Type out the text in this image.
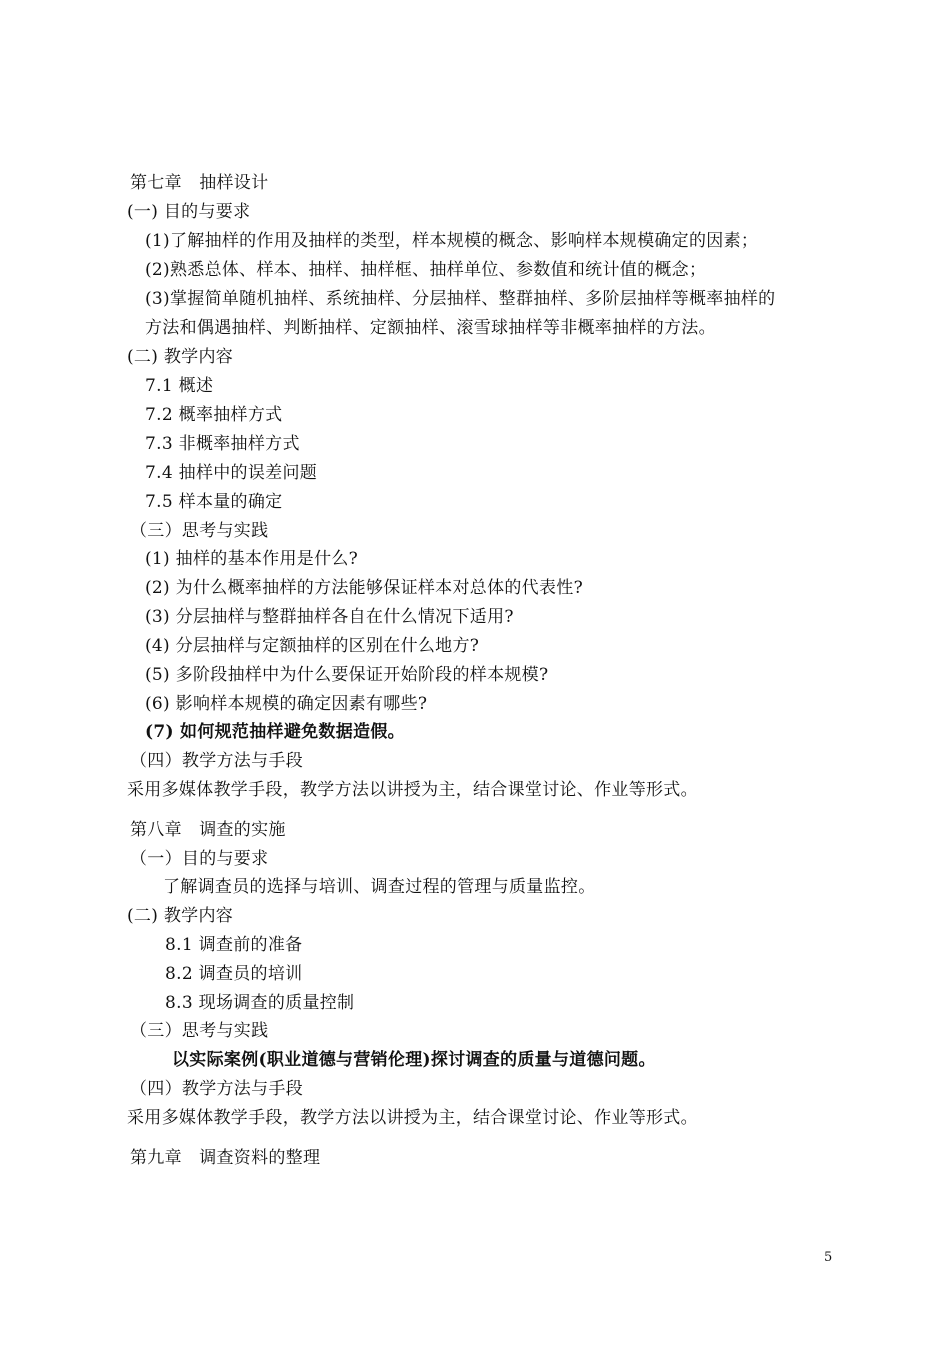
第七章　抽样设计
(一) 目的与要求
(1)了解抽样的作用及抽样的类型，样本规模的概念、影响样本规模确定的因素；
(2)熟悉总体、样本、抽样、抽样框、抽样单位、参数值和统计值的概念；
(3)掌握简单随机抽样、系统抽样、分层抽样、整群抽样、多阶层抽样等概率抽样的
方法和偶遇抽样、判断抽样、定额抽样、滚雪球抽样等非概率抽样的方法。
(二) 教学内容
7.1 概述
7.2 概率抽样方式
7.3 非概率抽样方式
7.4 抽样中的误差问题
7.5 样本量的确定
（三）思考与实践
(1) 抽样的基本作用是什么?
(2) 为什么概率抽样的方法能够保证样本对总体的代表性?
(3) 分层抽样与整群抽样各自在什么情况下适用?
(4) 分层抽样与定额抽样的区别在什么地方?
(5) 多阶段抽样中为什么要保证开始阶段的样本规模?
(6) 影响样本规模的确定因素有哪些?
(7) 如何规范抽样避免数据造假。
（四）教学方法与手段
采用多媒体教学手段，教学方法以讲授为主，结合课堂讨论、作业等形式。
第八章　调查的实施
（一）目的与要求
了解调查员的选择与培训、调查过程的管理与质量监控。
(二) 教学内容
8.1 调查前的准备
8.2 调查员的培训
8.3 现场调查的质量控制
（三）思考与实践
以实际案例(职业道德与营销伦理)探讨调查的质量与道德问题。
（四）教学方法与手段
采用多媒体教学手段，教学方法以讲授为主，结合课堂讨论、作业等形式。
第九章　调查资料的整理
5
